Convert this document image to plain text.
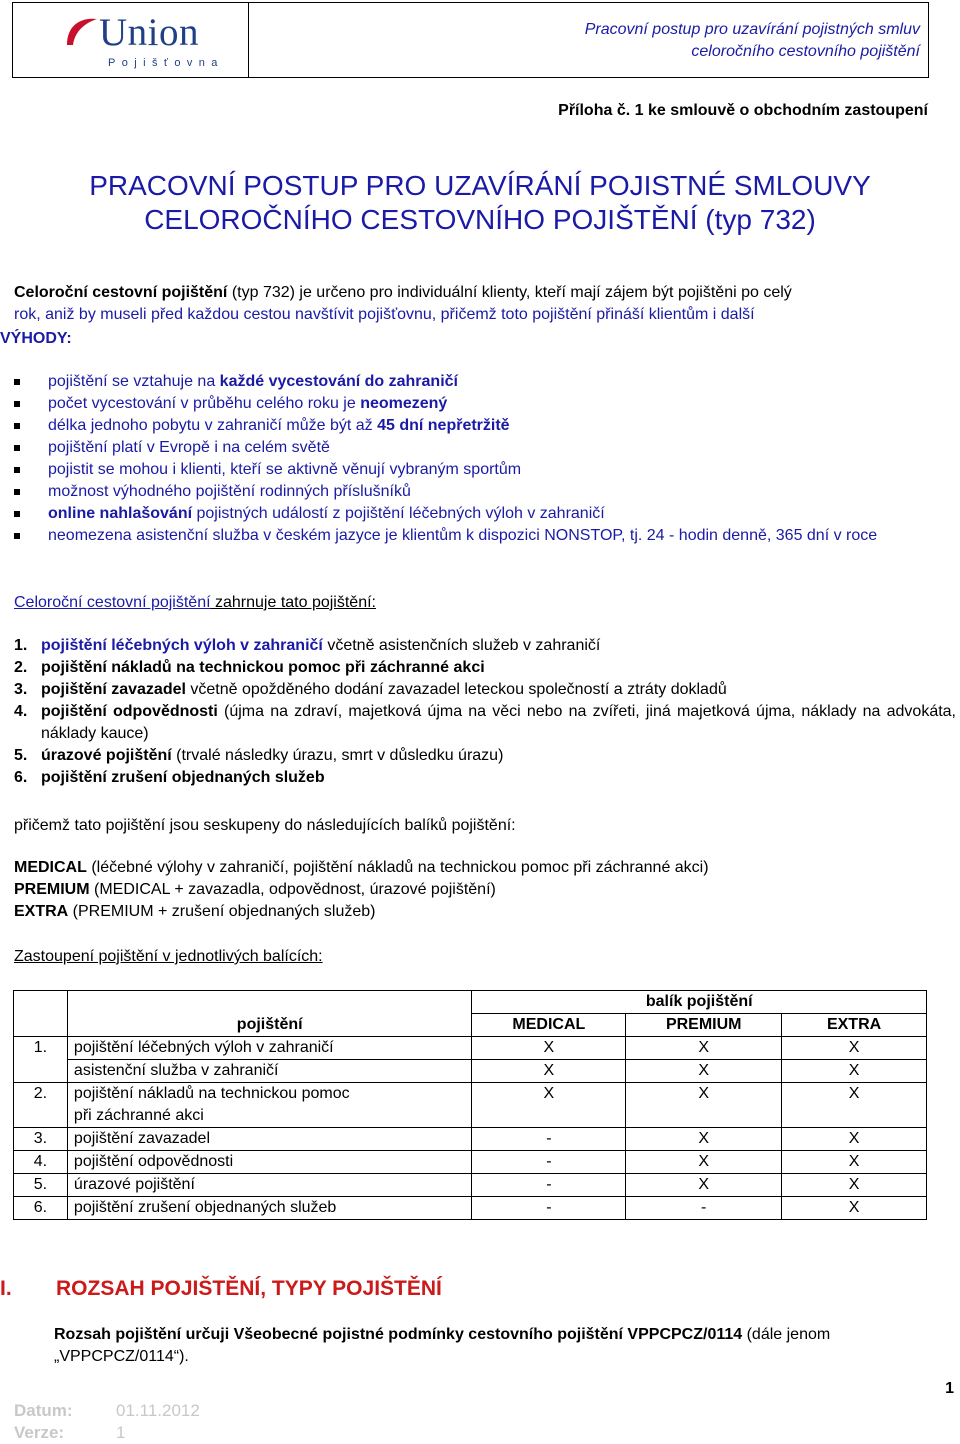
Union
Pojišťovna
Pracovní postup pro uzavírání pojistných smluv
celoročního cestovního pojištění
Příloha č. 1 ke smlouvě o obchodním zastoupení
PRACOVNÍ POSTUP PRO UZAVÍRÁNÍ POJISTNÉ SMLOUVY
CELOROČNÍHO CESTOVNÍHO POJIŠTĚNÍ (typ 732)
Celoroční cestovní pojištění (typ 732) je určeno pro individuální klienty, kteří mají zájem být pojištěni po celý
rok, aniž by museli před každou cestou navštívit pojišťovnu, přičemž toto pojištění přináší klientům i další
VÝHODY:
pojištění se vztahuje na každé vycestování do zahraničí
počet vycestování v průběhu celého roku je neomezený
délka jednoho pobytu v zahraničí může být až 45 dní nepřetržitě
pojištění platí v Evropě i na celém světě
pojistit se mohou i klienti, kteří se aktivně věnují vybraným sportům
možnost výhodného pojištění rodinných příslušníků
online nahlašování pojistných událostí z pojištění léčebných výloh v zahraničí
neomezena asistenční služba v českém jazyce je klientům k dispozici NONSTOP, tj. 24 - hodin denně, 365 dní v roce
Celoroční cestovní pojištění zahrnuje tato pojištění:
1. pojištění léčebných výloh v zahraničí včetně asistenčních služeb v zahraničí
2. pojištění nákladů na technickou pomoc při záchranné akci
3. pojištění zavazadel včetně opožděného dodání zavazadel leteckou společností a ztráty dokladů
4. pojištění odpovědnosti (újma na zdraví, majetková újma na věci nebo na zvířeti, jiná majetková újma, náklady na advokáta, náklady kauce)
5. úrazové pojištění (trvalé následky úrazu, smrt v důsledku úrazu)
6. pojištění zrušení objednaných služeb
přičemž tato pojištění jsou seskupeny do následujících balíků pojištění:
MEDICAL (léčebné výlohy v zahraničí, pojištění nákladů na technickou pomoc při záchranné akci)
PREMIUM (MEDICAL + zavazadla, odpovědnost, úrazové pojištění)
EXTRA (PREMIUM + zrušení objednaných služeb)
Zastoupení pojištění v jednotlivých balících:
		balík pojištění		
	pojištění	MEDICAL	PREMIUM	EXTRA
1.	pojištění léčebných výloh v zahraničí	X	X	X
	asistenční služba v zahraničí	X	X	X
2.	pojištění nákladů na technickou pomoc při záchranné akci	X	X	X
3.	pojištění zavazadel	-	X	X
4.	pojištění odpovědnosti	-	X	X
5.	úrazové pojištění	-	X	X
6.	pojištění zrušení objednaných služeb	-	-	X
I. ROZSAH POJIŠTĚNÍ, TYPY POJIŠTĚNÍ
Rozsah pojištění určuji Všeobecné pojistné podmínky cestovního pojištění VPPCPCZ/0114 (dále jenom „VPPCPCZ/0114“).
1
Datum:	01.11.2012
Verze:	1
